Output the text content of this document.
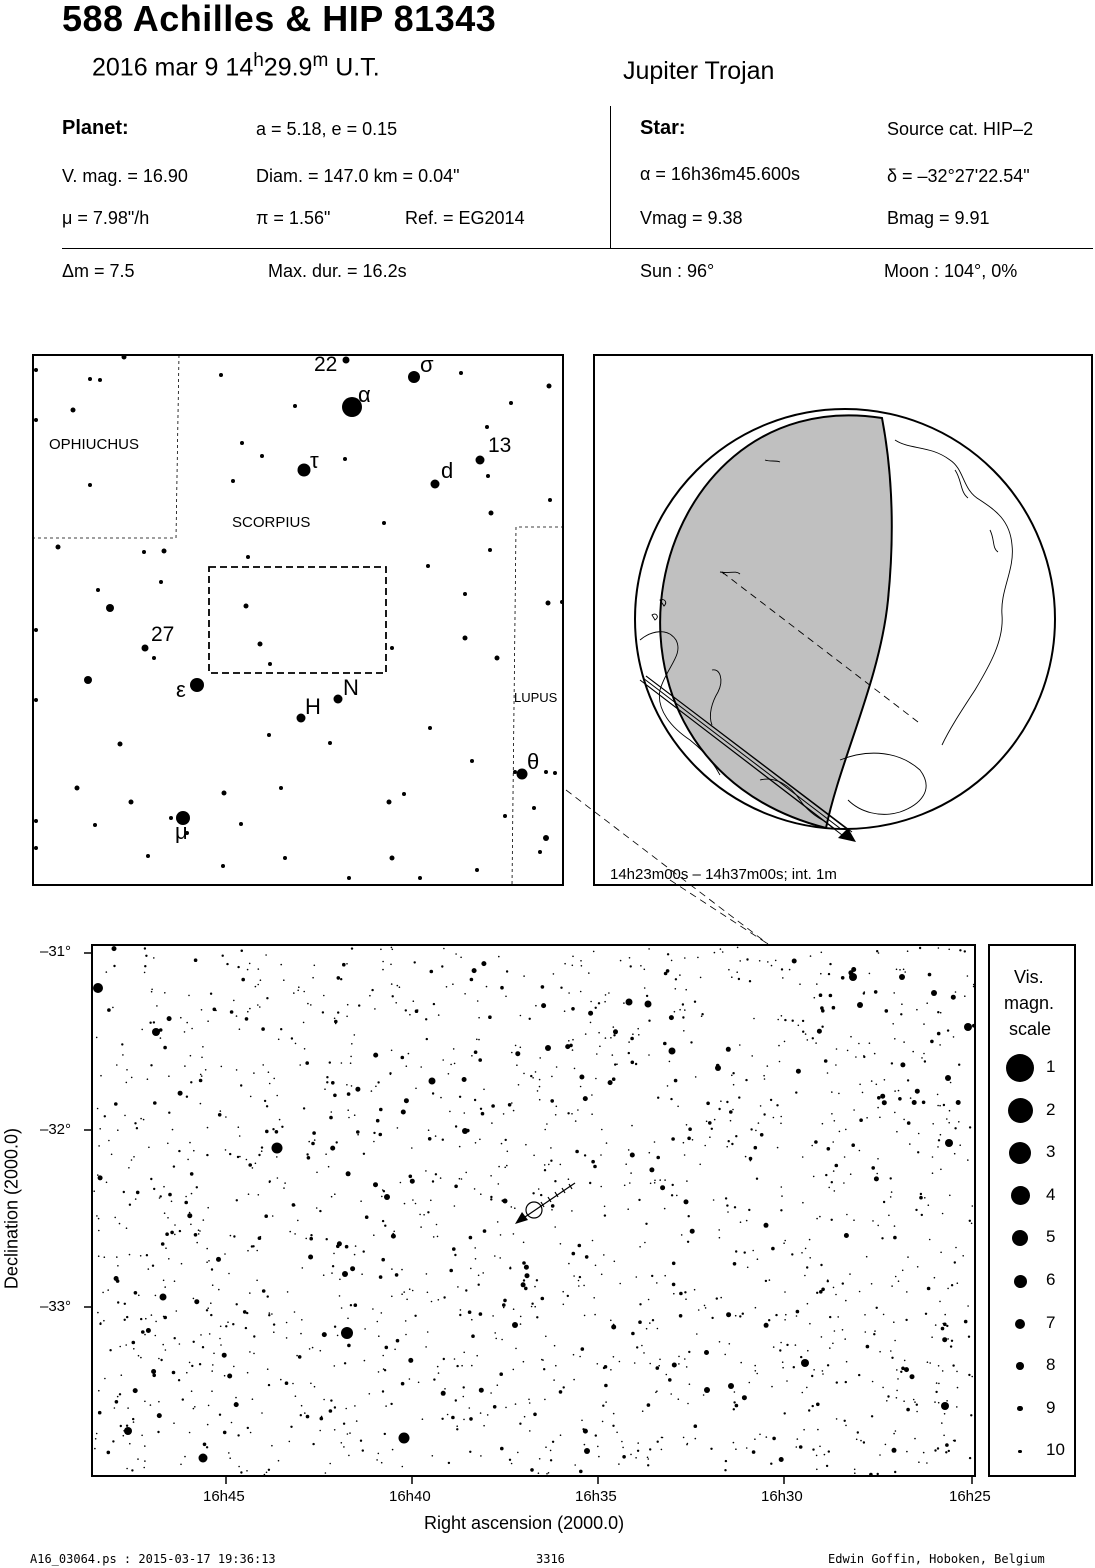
588 Achilles & HIP 81343
2016 mar 9 14$^h$29.9$^m$ U.T.	Jupiter Trojan
Planet:	a = 5.18, e = 0.15
V. mag. = 16.90	Diam. = 147.0 km = 0.04"
μ = 7.98"/h	π = 1.56"	Ref. = EG2014
Star:	Source cat. HIP–2
α = 16h36m45.600s	δ = –32°27'22.54"
Vmag = 9.38	Bmag = 9.91
Δm = 7.5	Max. dur. = 16.2s	Sun : 96°	Moon : 104°, 0%
OPHIUCHUS
SCORPIUS
LUPUS
22	σ
α
13
τ	d
27
ε	N
H
θ
μ
14h23m00s – 14h37m00s; int. 1m
–31°
–32°
–33°
16h45	16h40	16h35	16h30	16h25
Right ascension (2000.0)
Declination (2000.0)
Vis.
magn.
scale
1
2
3
4
5
6
7
8
9
10
A16_03064.ps : 2015-03-17 19:36:13	3316	Edwin Goffin, Hoboken, Belgium
